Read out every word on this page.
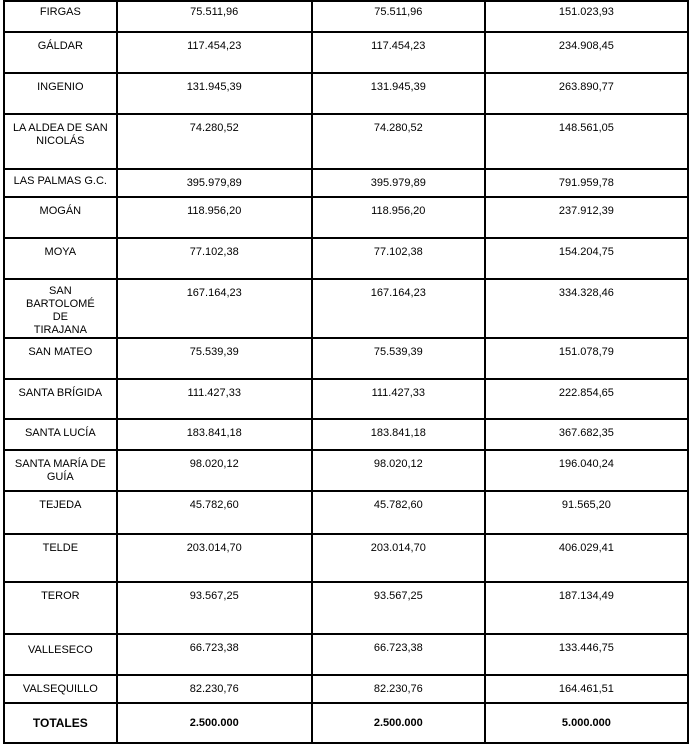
FIRGAS	75.511,96	75.511,96	151.023,93

GÁLDAR	117.454,23	117.454,23	234.908,45

INGENIO	131.945,39	131.945,39	263.890,77

LA ALDEA DE SAN NICOLÁS	74.280,52	74.280,52	148.561,05

LAS PALMAS G.C.	395.979,89	395.979,89	791.959,78

MOGÁN	118.956,20	118.956,20	237.912,39

MOYA	77.102,38	77.102,38	154.204,75

SAN BARTOLOMÉ DE TIRAJANA	167.164,23	167.164,23	334.328,46

SAN MATEO	75.539,39	75.539,39	151.078,79

SANTA BRÍGIDA	111.427,33	111.427,33	222.854,65

SANTA LUCÍA	183.841,18	183.841,18	367.682,35

SANTA MARÍA DE GUÍA	98.020,12	98.020,12	196.040,24

TEJEDA	45.782,60	45.782,60	91.565,20

TELDE	203.014,70	203.014,70	406.029,41

TEROR	93.567,25	93.567,25	187.134,49

VALLESECO	66.723,38	66.723,38	133.446,75

VALSEQUILLO	82.230,76	82.230,76	164.461,51

TOTALES	2.500.000	2.500.000	5.000.000
